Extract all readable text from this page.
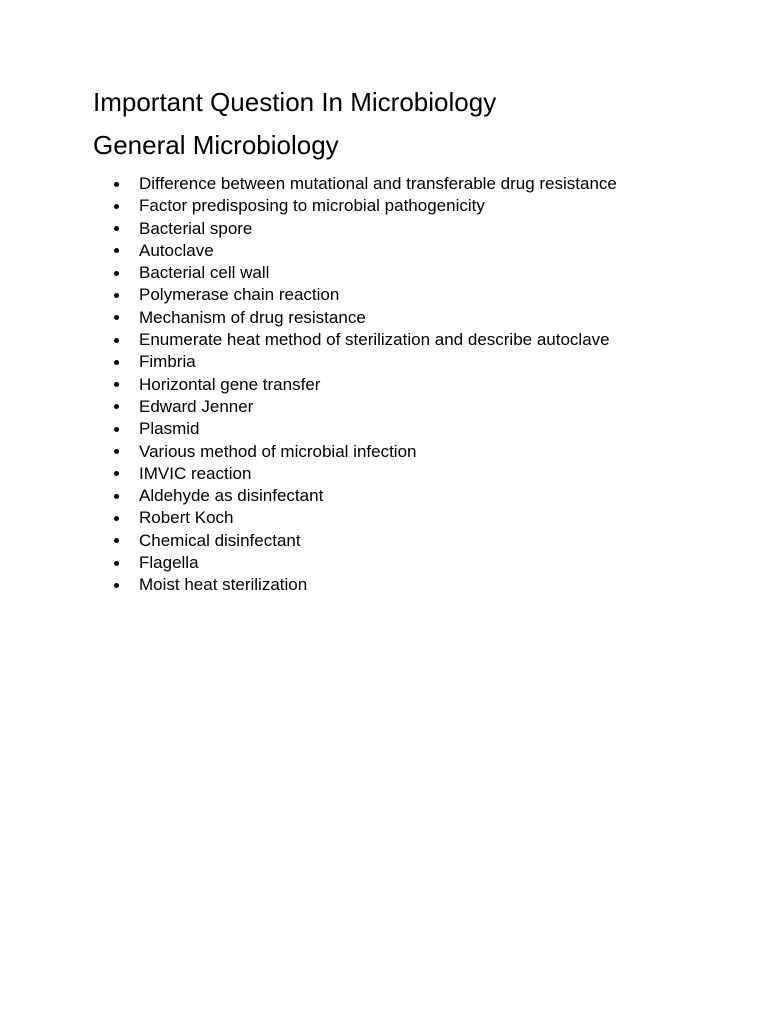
Important Question In Microbiology
General Microbiology
Difference between mutational and transferable drug resistance
Factor predisposing to microbial pathogenicity
Bacterial spore
Autoclave
Bacterial cell wall
Polymerase chain reaction
Mechanism of drug resistance
Enumerate heat method of sterilization and describe autoclave
Fimbria
Horizontal gene transfer
Edward Jenner
Plasmid
Various method of microbial infection
IMVIC reaction
Aldehyde as disinfectant
Robert Koch
Chemical disinfectant
Flagella
Moist heat sterilization
